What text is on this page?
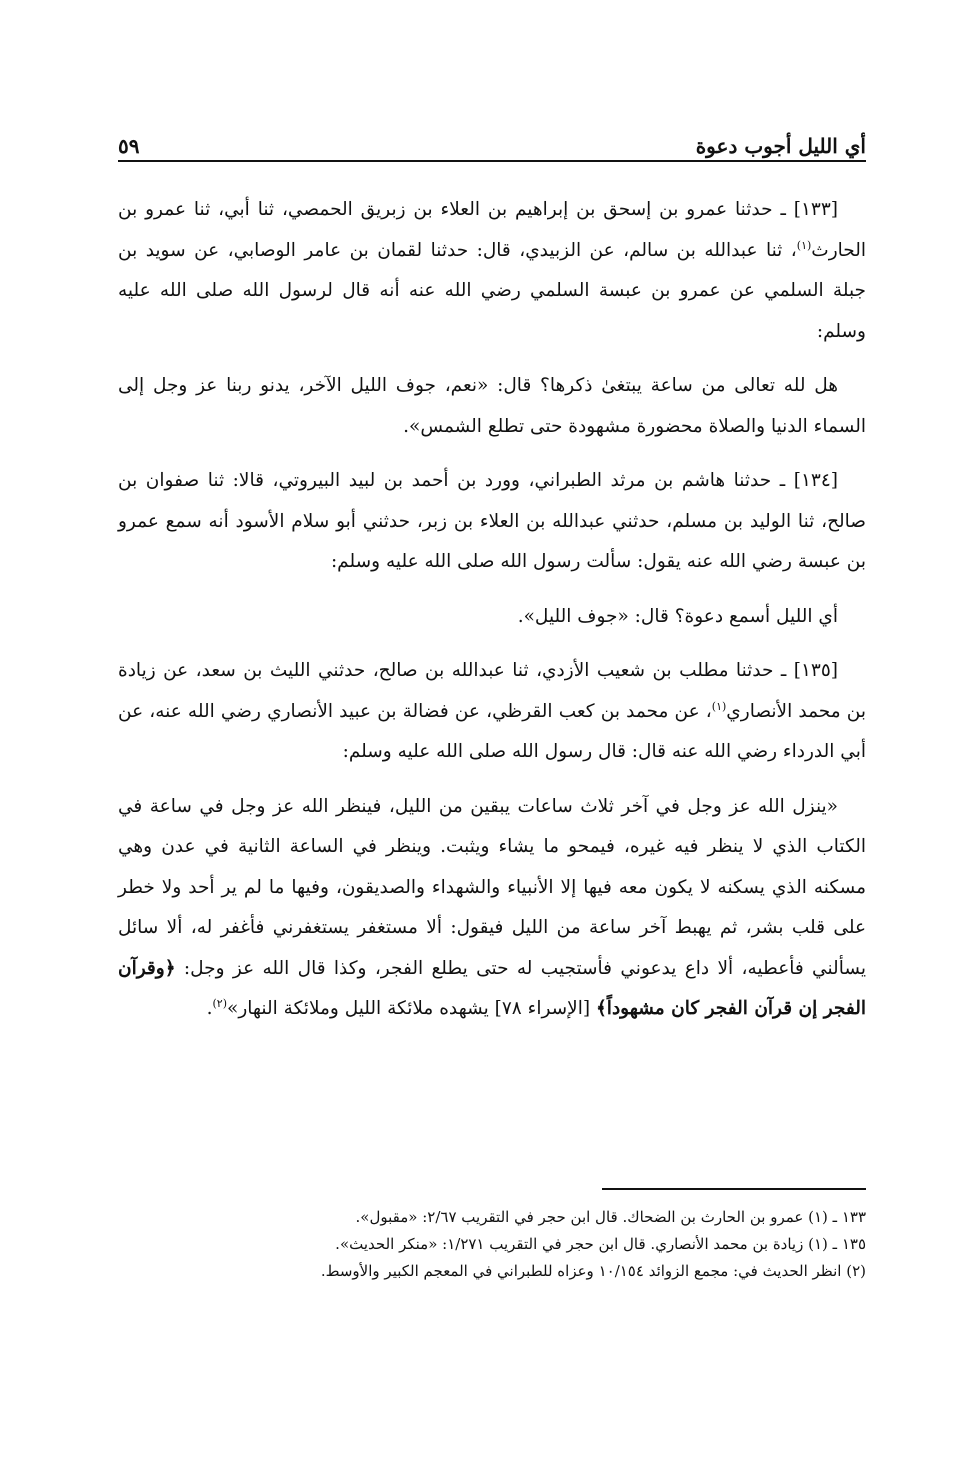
أي الليل أجوب دعوة
٥٩

[١٣٣] ـ حدثنا عمرو بن إسحق بن إبراهيم بن العلاء بن زبريق الحمصي، ثنا أبي، ثنا عمرو بن الحارث$^{(١)}$، ثنا عبدالله بن سالم، عن الزبيدي، قال: حدثنا لقمان بن عامر الوصابي، عن سويد بن جبلة السلمي عن عمرو بن عبسة السلمي رضي الله عنه أنه قال لرسول الله صلى الله عليه وسلم:

هل لله تعالى من ساعة يبتغىٰ ذكرها؟ قال: «نعم، جوف الليل الآخر، يدنو ربنا عز وجل إلى السماء الدنيا والصلاة محضورة مشهودة حتى تطلع الشمس».

[١٣٤] ـ حدثنا هاشم بن مرثد الطبراني، وورد بن أحمد بن لبيد البيروتي، قالا: ثنا صفوان بن صالح، ثنا الوليد بن مسلم، حدثني عبدالله بن العلاء بن زبر، حدثني أبو سلام الأسود أنه سمع عمرو بن عبسة رضي الله عنه يقول: سألت رسول الله صلى الله عليه وسلم:

أي الليل أسمع دعوة؟ قال: «جوف الليل».

[١٣٥] ـ حدثنا مطلب بن شعيب الأزدي، ثنا عبدالله بن صالح، حدثني الليث بن سعد، عن زيادة بن محمد الأنصاري$^{(١)}$، عن محمد بن كعب القرظي، عن فضالة بن عبيد الأنصاري رضي الله عنه، عن أبي الدرداء رضي الله عنه قال: قال رسول الله صلى الله عليه وسلم:

«ينزل الله عز وجل في آخر ثلاث ساعات يبقين من الليل، فينظر الله عز وجل في ساعة في الكتاب الذي لا ينظر فيه غيره، فيمحو ما يشاء ويثبت. وينظر في الساعة الثانية في عدن وهي مسكنه الذي يسكنه لا يكون معه فيها إلا الأنبياء والشهداء والصديقون، وفيها ما لم ير أحد ولا خطر على قلب بشر، ثم يهبط آخر ساعة من الليل فيقول: ألا مستغفر يستغفرني فأغفر له، ألا سائل يسألني فأعطيه، ألا داع يدعوني فأستجيب له حتى يطلع الفجر، وكذا قال الله عز وجل: ﴿وقرآن الفجر إن قرآن الفجر كان مشهوداً﴾ [الإسراء ٧٨] يشهده ملائكة الليل وملائكة النهار»$^{(٢)}$.

١٣٣ ـ (١) عمرو بن الحارث بن الضحاك. قال ابن حجر في التقريب ٢/٦٧: «مقبول».
١٣٥ ـ (١) زيادة بن محمد الأنصاري. قال ابن حجر في التقريب ١/٢٧١: «منكر الحديث».
(٢) انظر الحديث في: مجمع الزوائد ١٠/١٥٤ وعزاه للطبراني في المعجم الكبير والأوسط.
